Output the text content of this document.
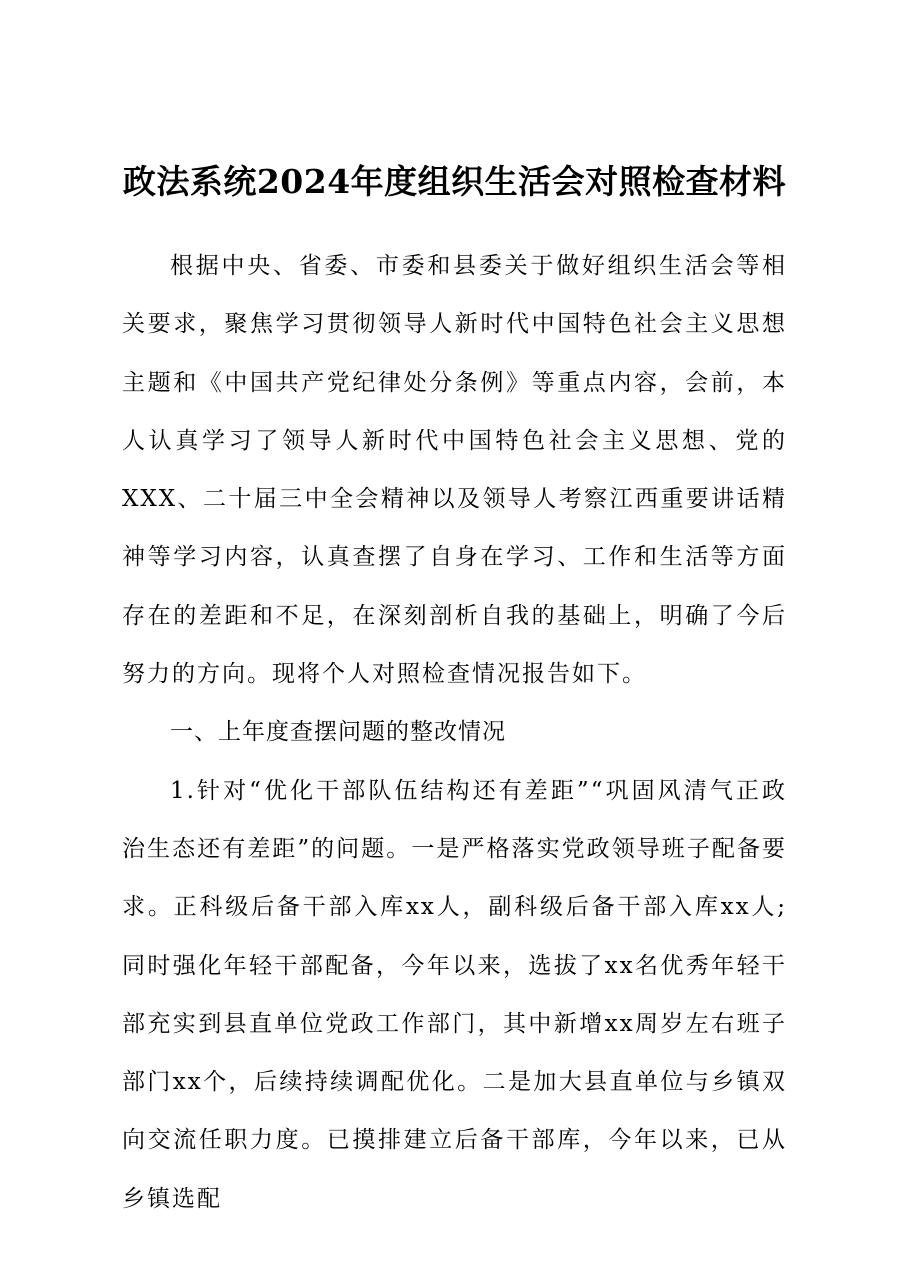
政法系统2024年度组织生活会对照检查材料

根据中央、省委、市委和县委关于做好组织生活会等相关要求，聚焦学习贯彻领导人新时代中国特色社会主义思想主题和《中国共产党纪律处分条例》等重点内容，会前，本人认真学习了领导人新时代中国特色社会主义思想、党的XXX、二十届三中全会精神以及领导人考察江西重要讲话精神等学习内容，认真查摆了自身在学习、工作和生活等方面存在的差距和不足，在深刻剖析自我的基础上，明确了今后努力的方向。现将个人对照检查情况报告如下。

一、上年度查摆问题的整改情况

1.针对“优化干部队伍结构还有差距”“巩固风清气正政治生态还有差距”的问题。一是严格落实党政领导班子配备要求。正科级后备干部入库xx人，副科级后备干部入库xx人;同时强化年轻干部配备，今年以来，选拔了xx名优秀年轻干部充实到县直单位党政工作部门，其中新增xx周岁左右班子部门xx个，后续持续调配优化。二是加大县直单位与乡镇双向交流任职力度。已摸排建立后备干部库，今年以来，已从乡镇选配
